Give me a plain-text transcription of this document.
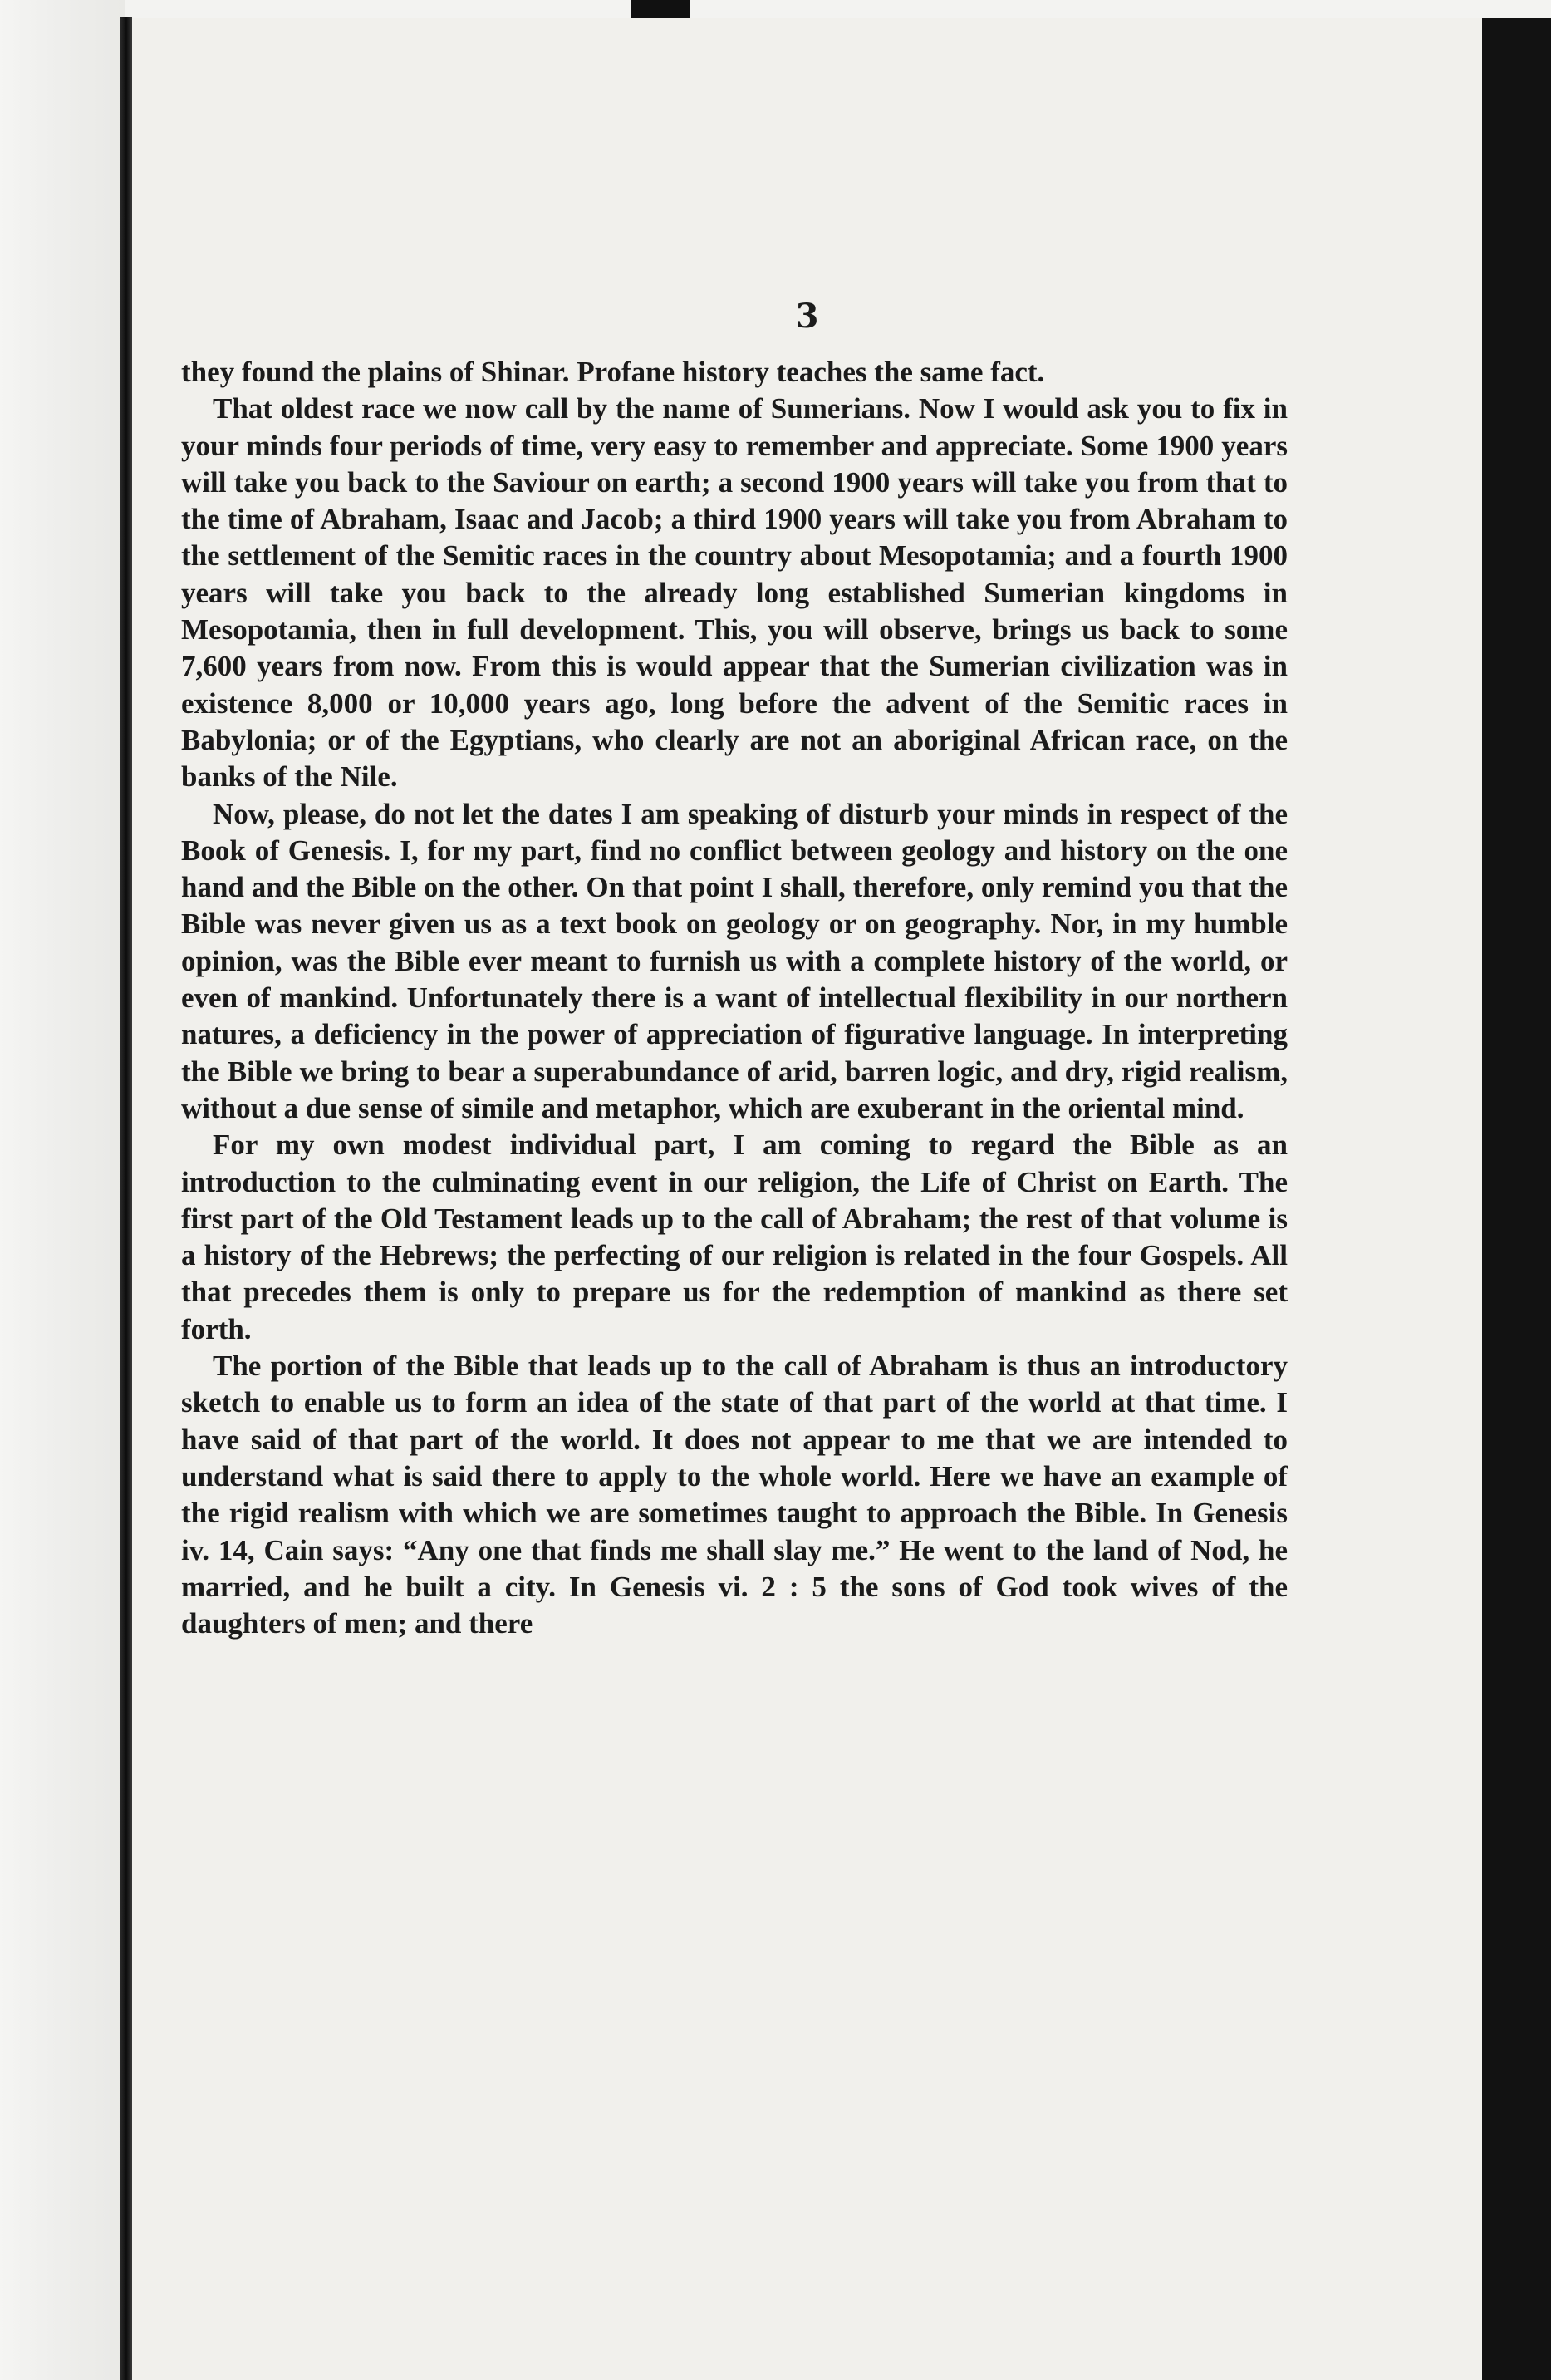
3

they found the plains of Shinar. Profane history teaches the same fact.

That oldest race we now call by the name of Sumerians. Now I would ask you to fix in your minds four periods of time, very easy to remember and appreciate. Some 1900 years will take you back to the Saviour on earth; a second 1900 years will take you from that to the time of Abraham, Isaac and Jacob; a third 1900 years will take you from Abraham to the settlement of the Semitic races in the country about Mesopotamia; and a fourth 1900 years will take you back to the already long established Sumerian kingdoms in Mesopotamia, then in full development. This, you will observe, brings us back to some 7,600 years from now. From this is would appear that the Sumerian civilization was in existence 8,000 or 10,000 years ago, long before the advent of the Semitic races in Babylonia; or of the Egyptians, who clearly are not an aboriginal African race, on the banks of the Nile.

Now, please, do not let the dates I am speaking of disturb your minds in respect of the Book of Genesis. I, for my part, find no conflict between geology and history on the one hand and the Bible on the other. On that point I shall, therefore, only remind you that the Bible was never given us as a text book on geology or on geography. Nor, in my humble opinion, was the Bible ever meant to furnish us with a complete history of the world, or even of mankind. Unfortunately there is a want of intellectual flexibility in our northern natures, a deficiency in the power of appreciation of figurative language. In interpreting the Bible we bring to bear a superabundance of arid, barren logic, and dry, rigid realism, without a due sense of simile and metaphor, which are exuberant in the oriental mind.

For my own modest individual part, I am coming to regard the Bible as an introduction to the culminating event in our religion, the Life of Christ on Earth. The first part of the Old Testament leads up to the call of Abraham; the rest of that volume is a history of the Hebrews; the perfecting of our religion is related in the four Gospels. All that precedes them is only to prepare us for the redemption of mankind as there set forth.

The portion of the Bible that leads up to the call of Abraham is thus an introductory sketch to enable us to form an idea of the state of that part of the world at that time. I have said of that part of the world. It does not appear to me that we are intended to understand what is said there to apply to the whole world. Here we have an example of the rigid realism with which we are sometimes taught to approach the Bible. In Genesis iv. 14, Cain says: “Any one that finds me shall slay me.” He went to the land of Nod, he married, and he built a city. In Genesis vi. 2 : 5 the sons of God took wives of the daughters of men; and there
